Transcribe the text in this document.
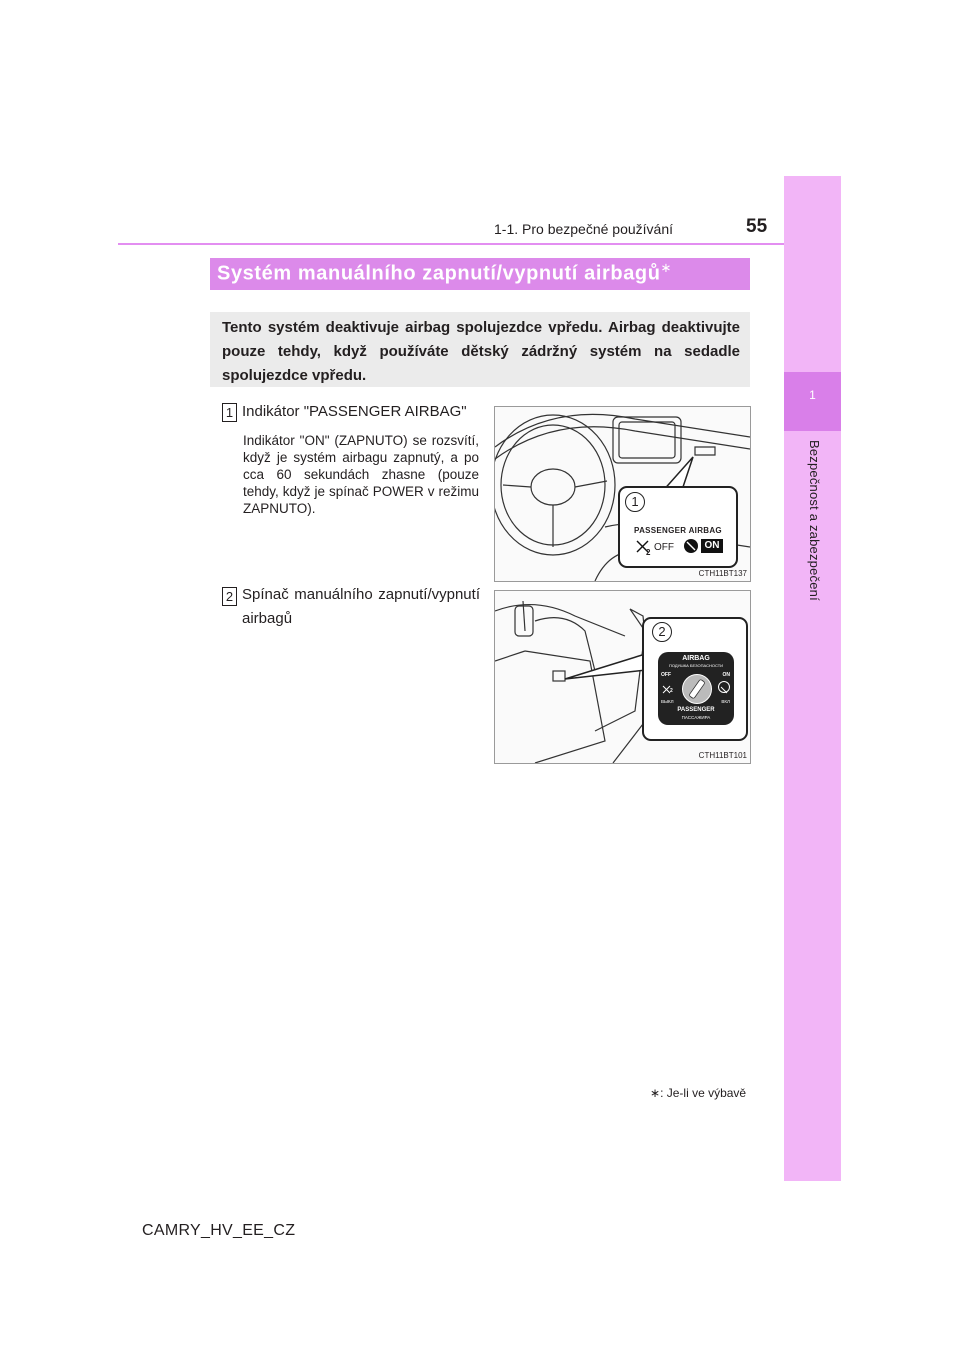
55
1-1. Pro bezpečné používání
1
Bezpečnost a zabezpečení
Systém manuálního zapnutí/vypnutí airbagů∗
Tento systém deaktivuje airbag spolujezdce vpředu. Airbag deaktivujte pouze tehdy, když používáte dětský zádržný systém na sedadle spolujezdce vpředu.
1 Indikátor "PASSENGER AIRBAG"
Indikátor "ON" (ZAPNUTO) se rozsvítí, když je systém airbagu zapnutý, a po cca 60 sekundách zhasne (pouze tehdy, když je spínač POWER v režimu ZAPNUTO).
2 Spínač manuálního zapnutí/vypnutí airbagů
1
PASSENGER AIRBAG
2 OFF	ON
CTH11BT137
2
AIRBAG
ПОДУШКА БЕЗОПАСНОСТИ
OFF	ON
2
ВЫКЛ	ВКЛ
PASSENGER
ПАССАЖИРА
CTH11BT101
∗: Je-li ve výbavě
CAMRY_HV_EE_CZ
